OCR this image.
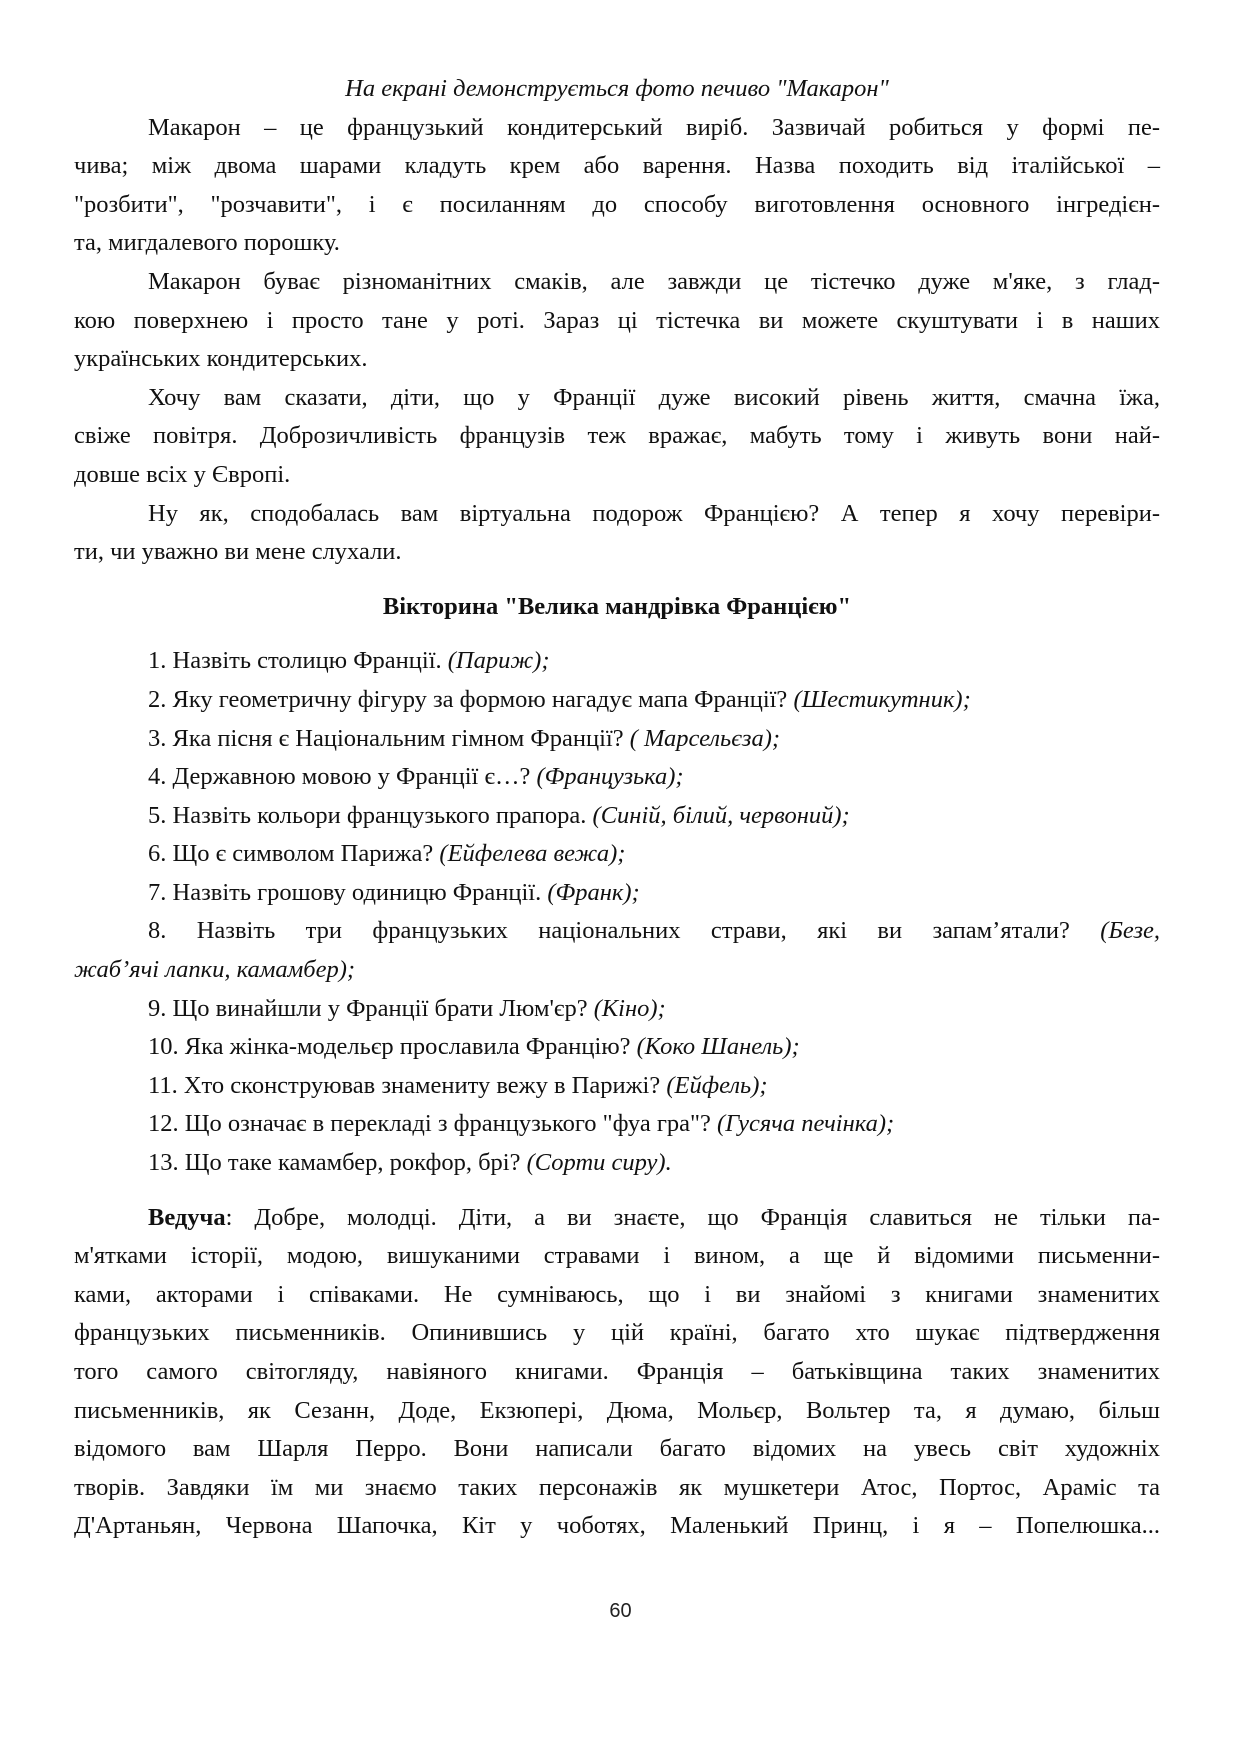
На екрані демонструється фото печиво "Макарон"
Макарон – це французький кондитерський виріб. Зазвичай робиться у формі пе-
чива; між двома шарами кладуть крем або варення. Назва походить від італійської –
"розбити", "розчавити", і є посиланням до способу виготовлення основного інгредієн-
та, мигдалевого порошку.
Макарон буває різноманітних смаків, але завжди це тістечко дуже м'яке, з глад-
кою поверхнею і просто тане у роті. Зараз ці тістечка ви можете скуштувати і в наших
українських кондитерських.
Хочу вам сказати, діти, що у Франції дуже високий рівень життя, смачна їжа,
свіже повітря. Доброзичливість французів теж вражає, мабуть тому і живуть вони най-
довше всіх у Європі.
Ну як, сподобалась вам віртуальна подорож Францією? А тепер я хочу перевіри-
ти, чи уважно ви мене слухали.
Вікторина "Велика мандрівка Францією"
1. Назвіть столицю Франції. (Париж);
2. Яку геометричну фігуру за формою нагадує мапа Франції? (Шестикутник);
3. Яка пісня є Національним гімном Франції? ( Марсельєза);
4. Державною мовою у Франції є…? (Французька);
5. Назвіть кольори французького прапора. (Синій, білий, червоний);
6. Що є символом Парижа? (Ейфелева вежа);
7. Назвіть грошову одиницю Франції. (Франк);
8. Назвіть три французьких національних страви, які ви запам’ятали? (Безе,
жаб’ячі лапки, камамбер);
9. Що винайшли у Франції брати Люм'єр? (Кіно);
10. Яка жінка-модельєр прославила Францію? (Коко Шанель);
11. Хто сконструював знамениту вежу в Парижі? (Ейфель);
12. Що означає в перекладі з французького "фуа гра"? (Гусяча печінка);
13. Що таке камамбер, рокфор, брі? (Сорти сиру).
Ведуча: Добре, молодці. Діти, а ви знаєте, що Франція славиться не тільки па-
м'ятками історії, модою, вишуканими стравами і вином, а ще й відомими письменни-
ками, акторами і співаками. Не сумніваюсь, що і ви знайомі з книгами знаменитих
французьких письменників. Опинившись у цій країні, багато хто шукає підтвердження
того самого світогляду, навіяного книгами. Франція – батьківщина таких знаменитих
письменників, як Сезанн, Доде, Екзюпері, Дюма, Мольєр, Вольтер та, я думаю, більш
відомого вам Шарля Перро. Вони написали багато відомих на увесь світ художніх
творів. Завдяки їм ми знаємо таких персонажів як мушкетери Атос, Портос, Араміс та
Д'Артаньян, Червона Шапочка, Кіт у чоботях, Маленький Принц, і я – Попелюшка...
60
